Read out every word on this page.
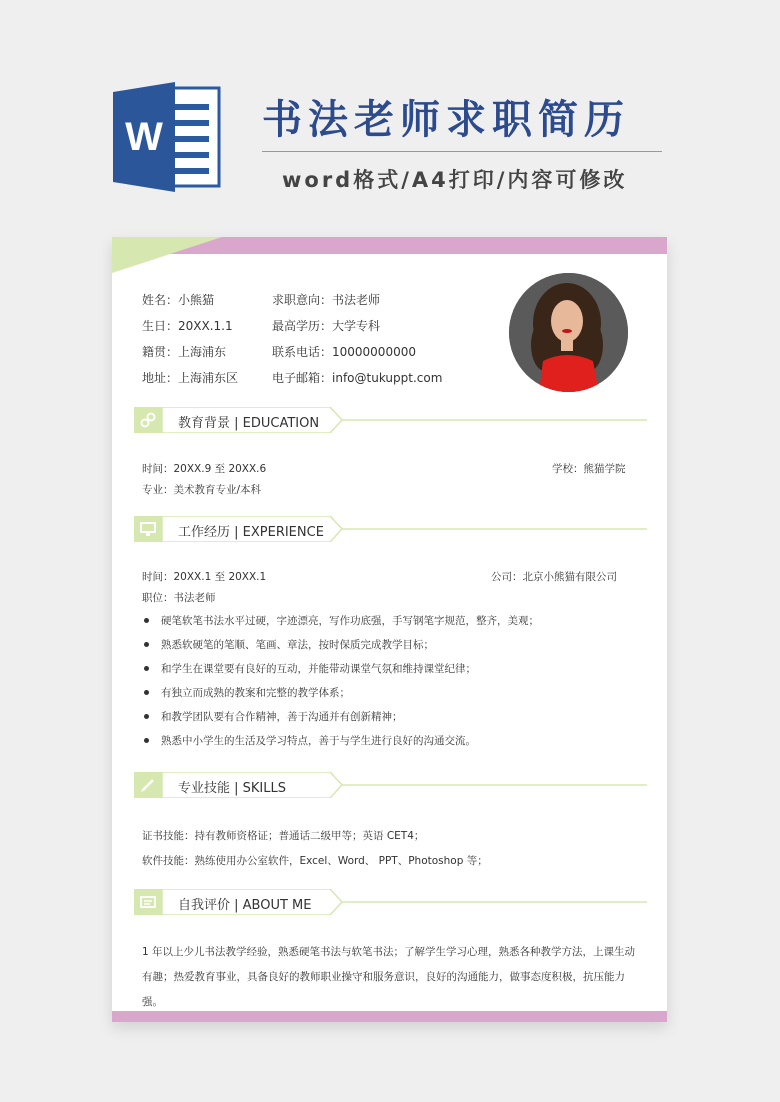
W 书法老师求职简历
word格式/A4打印/内容可修改
姓名：小熊猫
生日：20XX.1.1
籍贯：上海浦东
地址：上海浦东区
求职意向：书法老师
最高学历：大学专科
联系电话：10000000000
电子邮箱：info@tukuppt.com
教育背景 | EDUCATION
时间：20XX.9 至 20XX.6	学校：熊猫学院
专业：美术教育专业/本科
工作经历 | EXPERIENCE
时间：20XX.1 至 20XX.1	公司：北京小熊猫有限公司
职位：书法老师
硬笔软笔书法水平过硬，字迹漂亮，写作功底强，手写钢笔字规范，整齐，美观；
熟悉软硬笔的笔顺、笔画、章法，按时保质完成教学目标；
和学生在课堂要有良好的互动，并能带动课堂气氛和维持课堂纪律；
有独立而成熟的教案和完整的教学体系；
和教学团队要有合作精神，善于沟通并有创新精神；
熟悉中小学生的生活及学习特点，善于与学生进行良好的沟通交流。
专业技能 | SKILLS
证书技能：持有教师资格证；普通话二级甲等；英语 CET4；
软件技能：熟练使用办公室软件，Excel、Word、 PPT、Photoshop 等；
自我评价 | ABOUT ME
1 年以上少儿书法教学经验，熟悉硬笔书法与软笔书法；了解学生学习心理，熟悉各种教学方法，上课生动有趣；热爱教育事业，具备良好的教师职业操守和服务意识，良好的沟通能力，做事态度积极，抗压能力强。
